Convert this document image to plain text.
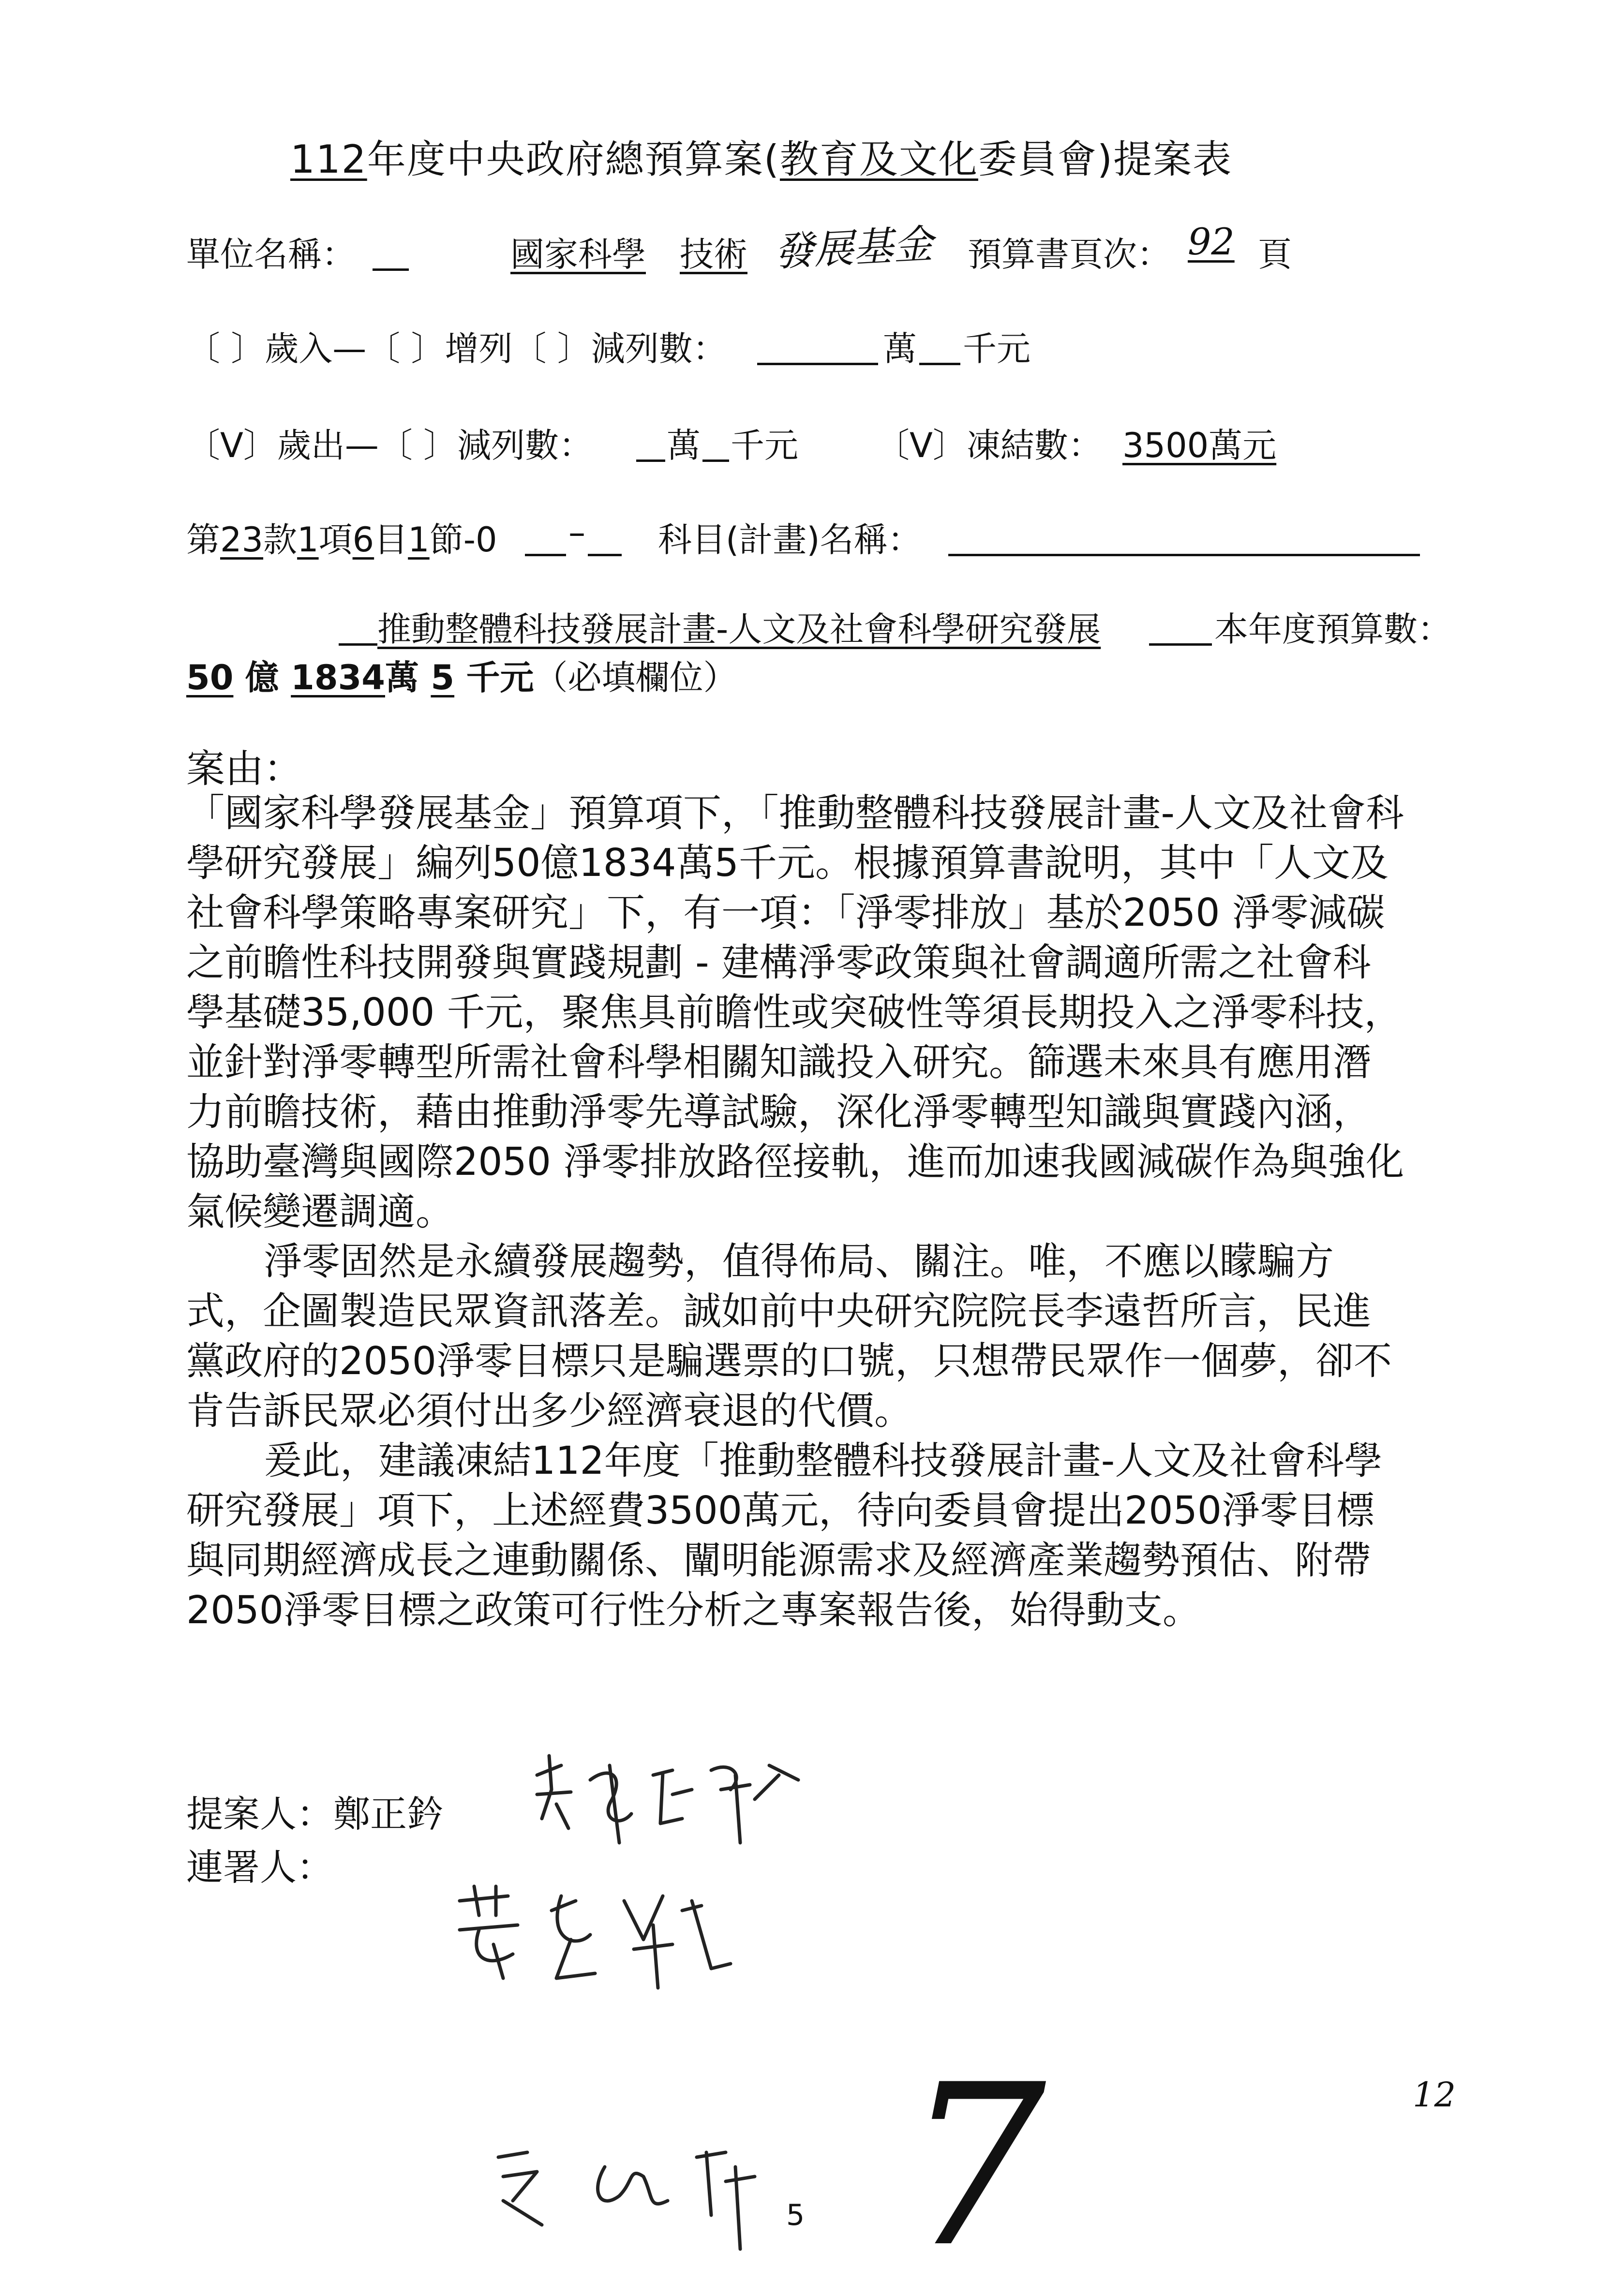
112年度中央政府總預算案(教育及文化委員會)提案表
單位名稱：	國家科學 技術 發展基金 預算書頁次： 92 頁
〔 〕歲入—〔 〕增列〔 〕減列數：	萬 千元
〔V〕歲出—〔 〕減列數： 萬 千元 〔V〕凍結數： 3500萬元
第23款1項6目1節-0 – 科目(計畫)名稱：
推動整體科技發展計畫-人文及社會科學研究發展	本年度預算數：
50 億 1834萬 5 千元（必填欄位）
案由：

「國家科學發展基金」預算項下，「推動整體科技發展計畫-人文及社會科學研究發展」編列50億1834萬5千元。根據預算書說明，其中「人文及社會科學策略專案研究」下，有一項：「淨零排放」基於2050 淨零減碳之前瞻性科技開發與實踐規劃 - 建構淨零政策與社會調適所需之社會科學基礎35,000 千元，聚焦具前瞻性或突破性等須長期投入之淨零科技，並針對淨零轉型所需社會科學相關知識投入研究。篩選未來具有應用潛力前瞻技術，藉由推動淨零先導試驗，深化淨零轉型知識與實踐內涵，協助臺灣與國際2050 淨零排放路徑接軌，進而加速我國減碳作為與強化氣候變遷調適。

淨零固然是永續發展趨勢，值得佈局、關注。唯，不應以矇騙方式，企圖製造民眾資訊落差。誠如前中央研究院院長李遠哲所言，民進黨政府的2050淨零目標只是騙選票的口號，只想帶民眾作一個夢，卻不肯告訴民眾必須付出多少經濟衰退的代價。

爰此，建議凍結112年度「推動整體科技發展計畫-人文及社會科學研究發展」項下，上述經費3500萬元，待向委員會提出2050淨零目標與同期經濟成長之連動關係、闡明能源需求及經濟產業趨勢預估、附帶2050淨零目標之政策可行性分析之專案報告後，始得動支。

提案人：鄭正鈐
連署人：
7	12
5
